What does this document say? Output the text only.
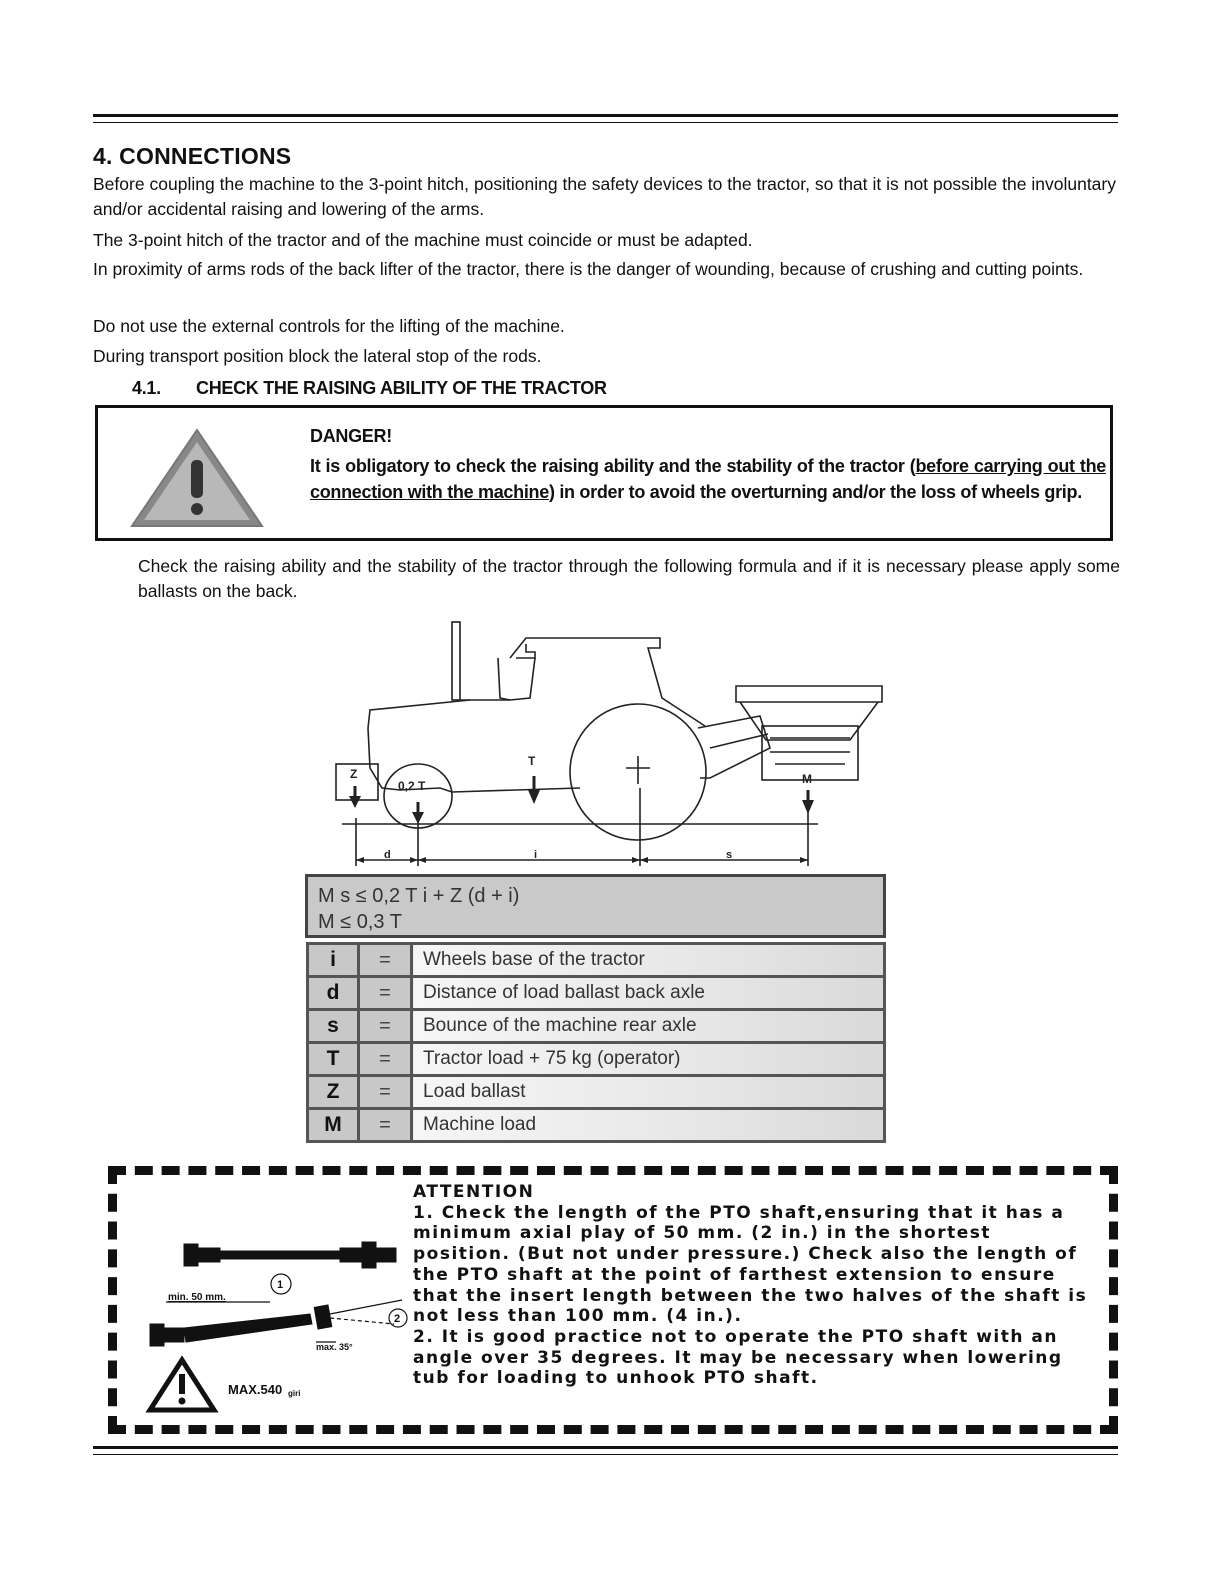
4. CONNECTIONS

Before coupling the machine to the 3-point hitch, positioning the safety devices to the tractor, so that it is not possible the involuntary and/or accidental raising and lowering of the arms.

The 3-point hitch of the tractor and of the machine must coincide or must be adapted.

In proximity of arms rods of the back lifter of the tractor, there is the danger of wounding, because of crushing and cutting points.

Do not use the external controls for the lifting of the machine.

During transport position block the lateral stop of the rods.

4.1. CHECK THE RAISING ABILITY OF THE TRACTOR
DANGER!

It is obligatory to check the raising ability and the stability of the tractor (before carrying out the connection with the machine) in order to avoid the overturning and/or the loss of wheels grip.

Check the raising ability and the stability of the tractor through the following formula and if it is necessary please apply some ballasts on the back.

Z
0,2 T
T
M
d	i	s
M s ≤ 0,2 T i + Z (d + i)
M ≤ 0,3 T
i	=	Wheels base of the tractor
d	=	Distance of load ballast back axle
s	=	Bounce of the machine rear axle
T	=	Tractor load + 75 kg (operator)
Z	=	Load ballast
M	=	Machine load
min. 50 mm.
max. 35°
1
2
MAX.540 giri

ATTENTION

1. Check the length of the PTO shaft,ensuring that it has a minimum axial play of 50 mm. (2 in.) in the shortest position. (But not under pressure.) Check also the length of the PTO shaft at the point of farthest extension to ensure that the insert length between the two halves of the shaft is not less than 100 mm. (4 in.).

2. It is good practice not to operate the PTO shaft with an angle over 35 degrees. It may be necessary when lowering tub for loading to unhook PTO shaft.
